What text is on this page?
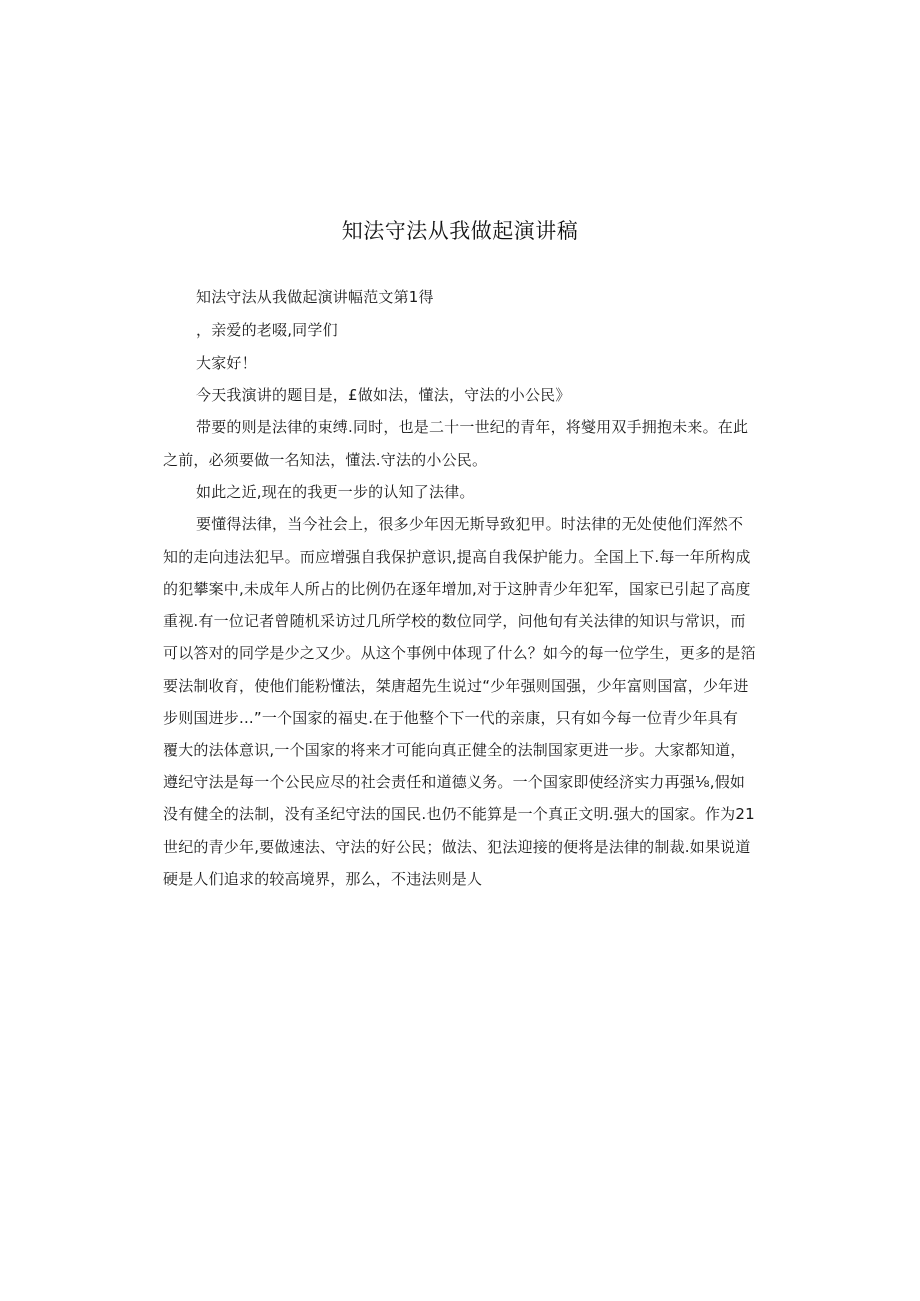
知法守法从我做起演讲稿
知法守法从我做起演讲幅范文第1得
，亲爱的老啜,同学们
大家好！
今天我演讲的题目是，£做如法，懂法，守法的小公民》
带要的则是法律的束缚.同时，也是二十一世纪的青年，将燮用双手拥抱未来。在此
之前，必须要做一名知法，懂法.守法的小公民。
如此之近,现在的我更一步的认知了法律。
要懂得法律，当今社会上，很多少年因无斯导致犯甲。时法律的无处使他们浑然不
知的走向违法犯早。而应增强自我保护意识,提高自我保护能力。全国上下.每一年所构成
的犯攀案中,未成年人所占的比例仍在逐年增加,对于这肿青少年犯军，国家已引起了高度
重视.有一位记者曾随机采访过几所学校的数位同学，问他旬有关法律的知识与常识，而
可以答对的同学是少之又少。从这个事例中体现了什么？如今的每一位学生，更多的是箔
要法制收育，使他们能粉懂法，桀唐超先生说过“少年强则国强，少年富则国富，少年进
步则国进步...”一个国家的福史.在于他整个下一代的亲康，只有如今每一位青少年具有
覆大的法体意识,一个国家的将来才可能向真正健全的法制国家更进一步。大家都知道，
遵纪守法是每一个公民应尽的社会责任和道德义务。一个国家即使经济实力再强⅛,假如
没有健全的法制，没有圣纪守法的国民.也仍不能算是一个真正文明.强大的国家。作为21
世纪的青少年,要做速法、守法的好公民；做法、犯法迎接的便将是法律的制裁.如果说道
硬是人们追求的较高境界，那么，不违法则是人
